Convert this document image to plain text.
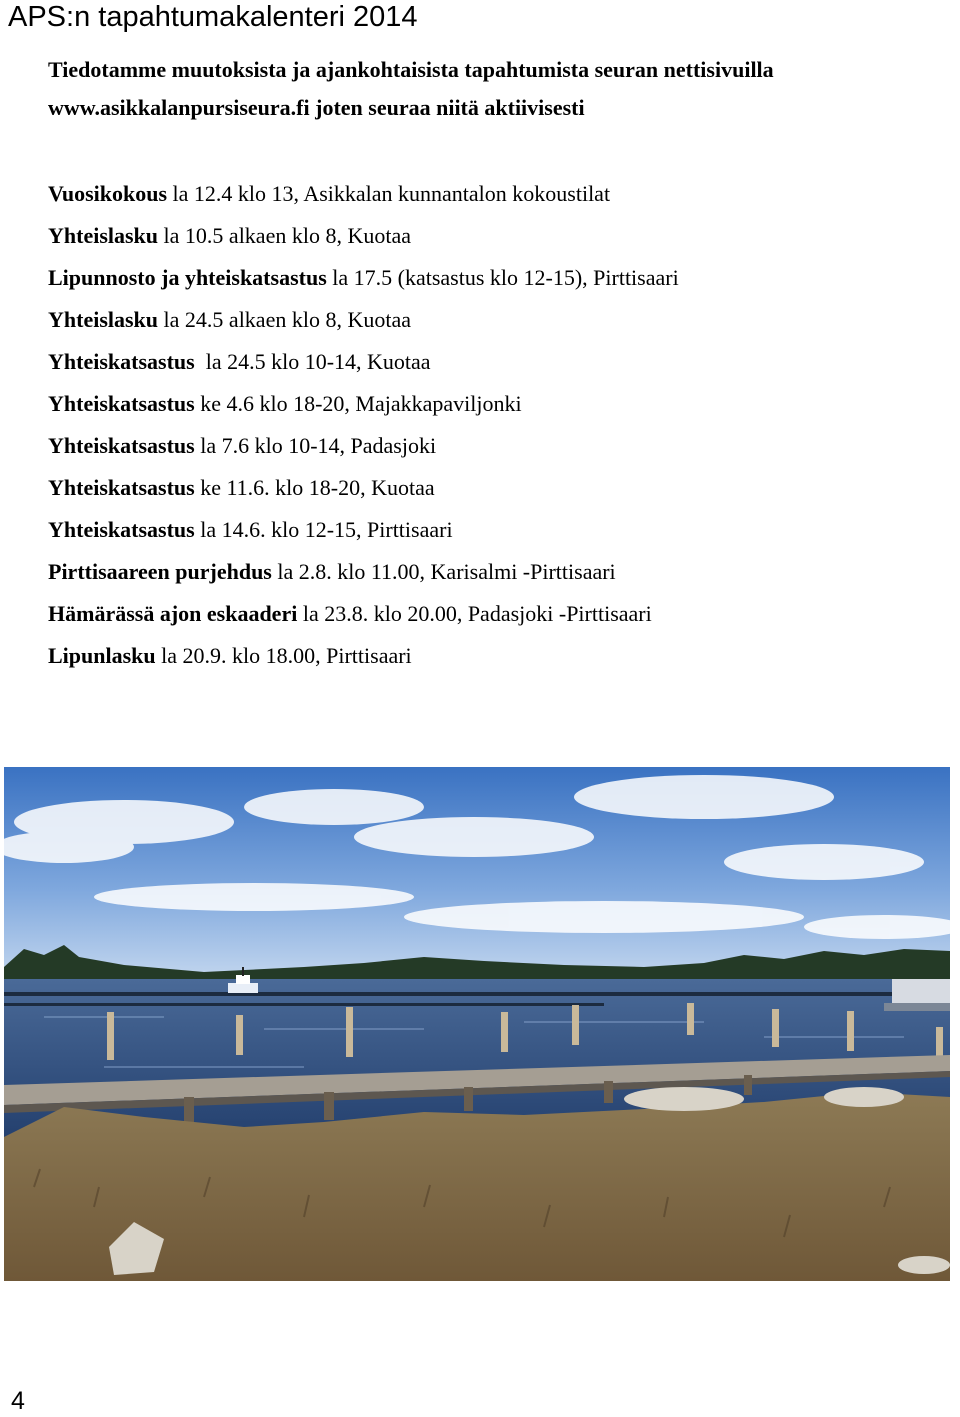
APS:n tapahtumakalenteri 2014
Tiedotamme muutoksista ja ajankohtaisista tapahtumista seuran nettisivuilla
www.asikkalanpursiseura.fi joten seuraa niitä aktiivisesti
Vuosikokous la 12.4 klo 13, Asikkalan kunnantalon kokoustilat
Yhteislasku la 10.5 alkaen klo 8, Kuotaa
Lipunnosto ja yhteiskatsastus la 17.5 (katsastus klo 12-15), Pirttisaari
Yhteislasku la 24.5 alkaen klo 8, Kuotaa
Yhteiskatsastus  la 24.5 klo 10-14, Kuotaa
Yhteiskatsastus ke 4.6 klo 18-20, Majakkapaviljonki
Yhteiskatsastus la 7.6 klo 10-14, Padasjoki
Yhteiskatsastus ke 11.6. klo 18-20, Kuotaa
Yhteiskatsastus la 14.6. klo 12-15, Pirttisaari
Pirttisaareen purjehdus la 2.8. klo 11.00, Karisalmi -Pirttisaari
Hämärässä ajon eskaaderi la 23.8. klo 20.00, Padasjoki -Pirttisaari
Lipunlasku la 20.9. klo 18.00, Pirttisaari
4
